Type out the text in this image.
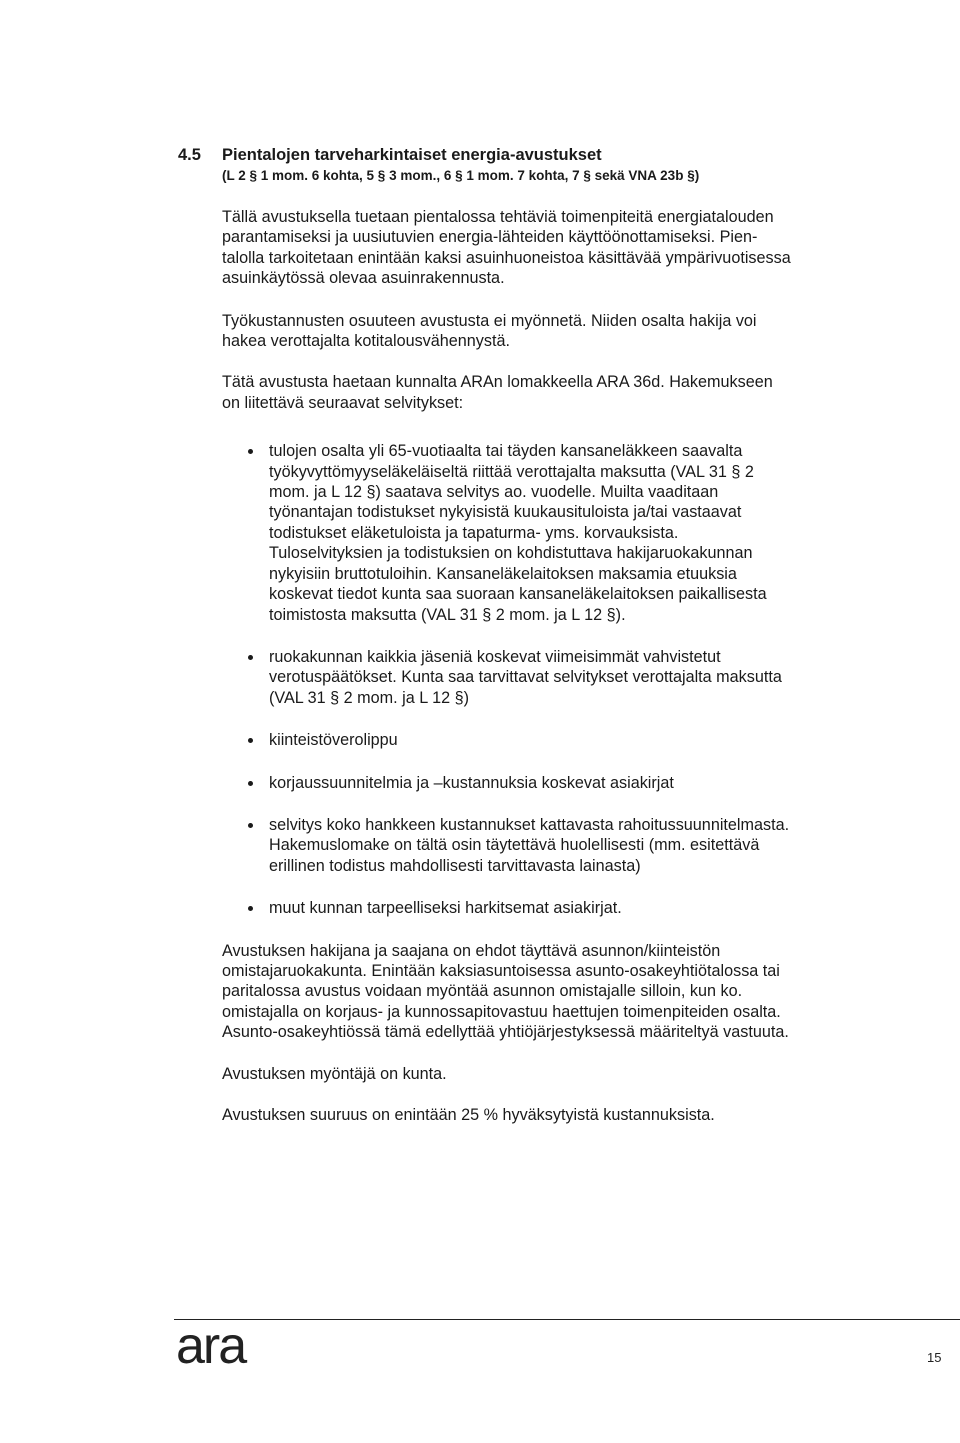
4.5	Pientalojen tarveharkintaiset energia-avustukset
(L 2 § 1 mom. 6 kohta, 5 § 3 mom., 6 § 1 mom. 7 kohta, 7 § sekä VNA 23b §)

Tällä avustuksella tuetaan pientalossa tehtäviä toimenpiteitä energiatalouden
parantamiseksi ja uusiutuvien energia-lähteiden käyttöönottamiseksi. Pien-
talolla tarkoitetaan enintään kaksi asuinhuoneistoa käsittävää ympärivuotisessa
asuinkäytössä olevaa asuinrakennusta.

Työkustannusten osuuteen avustusta ei myönnetä. Niiden osalta hakija voi
hakea verottajalta kotitalousvähennystä.

Tätä avustusta haetaan kunnalta ARAn lomakkeella ARA 36d. Hakemukseen
on liitettävä seuraavat selvitykset:

tulojen osalta yli 65-vuotiaalta tai täyden kansaneläkkeen saavalta
työkyvyttömyyseläkeläiseltä riittää verottajalta maksutta (VAL 31 § 2
mom. ja L 12 §) saatava selvitys ao. vuodelle. Muilta vaaditaan
työnantajan todistukset nykyisistä kuukausituloista ja/tai vastaavat
todistukset eläketuloista ja tapaturma- yms. korvauksista.
Tuloselvityksien ja todistuksien on kohdistuttava hakijaruokakunnan
nykyisiin bruttotuloihin. Kansaneläkelaitoksen maksamia etuuksia
koskevat tiedot kunta saa suoraan kansaneläkelaitoksen paikallisesta
toimistosta maksutta (VAL 31 § 2 mom. ja L 12 §).
ruokakunnan kaikkia jäseniä koskevat viimeisimmät vahvistetut
verotuspäätökset. Kunta saa tarvittavat selvitykset verottajalta maksutta
(VAL 31 § 2 mom. ja L 12 §)
kiinteistöverolippu
korjaussuunnitelmia ja –kustannuksia koskevat asiakirjat
selvitys koko hankkeen kustannukset kattavasta rahoitussuunnitelmasta.
Hakemuslomake on tältä osin täytettävä huolellisesti (mm. esitettävä
erillinen todistus mahdollisesti tarvittavasta lainasta)
muut kunnan tarpeelliseksi harkitsemat asiakirjat.

Avustuksen hakijana ja saajana on ehdot täyttävä asunnon/kiinteistön
omistajaruokakunta. Enintään kaksiasuntoisessa asunto-osakeyhtiötalossa tai
paritalossa avustus voidaan myöntää asunnon omistajalle silloin, kun ko.
omistajalla on korjaus- ja kunnossapitovastuu haettujen toimenpiteiden osalta.
Asunto-osakeyhtiössä tämä edellyttää yhtiöjärjestyksessä määriteltyä vastuuta.

Avustuksen myöntäjä on kunta.

Avustuksen suuruus on enintään 25 % hyväksytyistä kustannuksista.

ara	15
